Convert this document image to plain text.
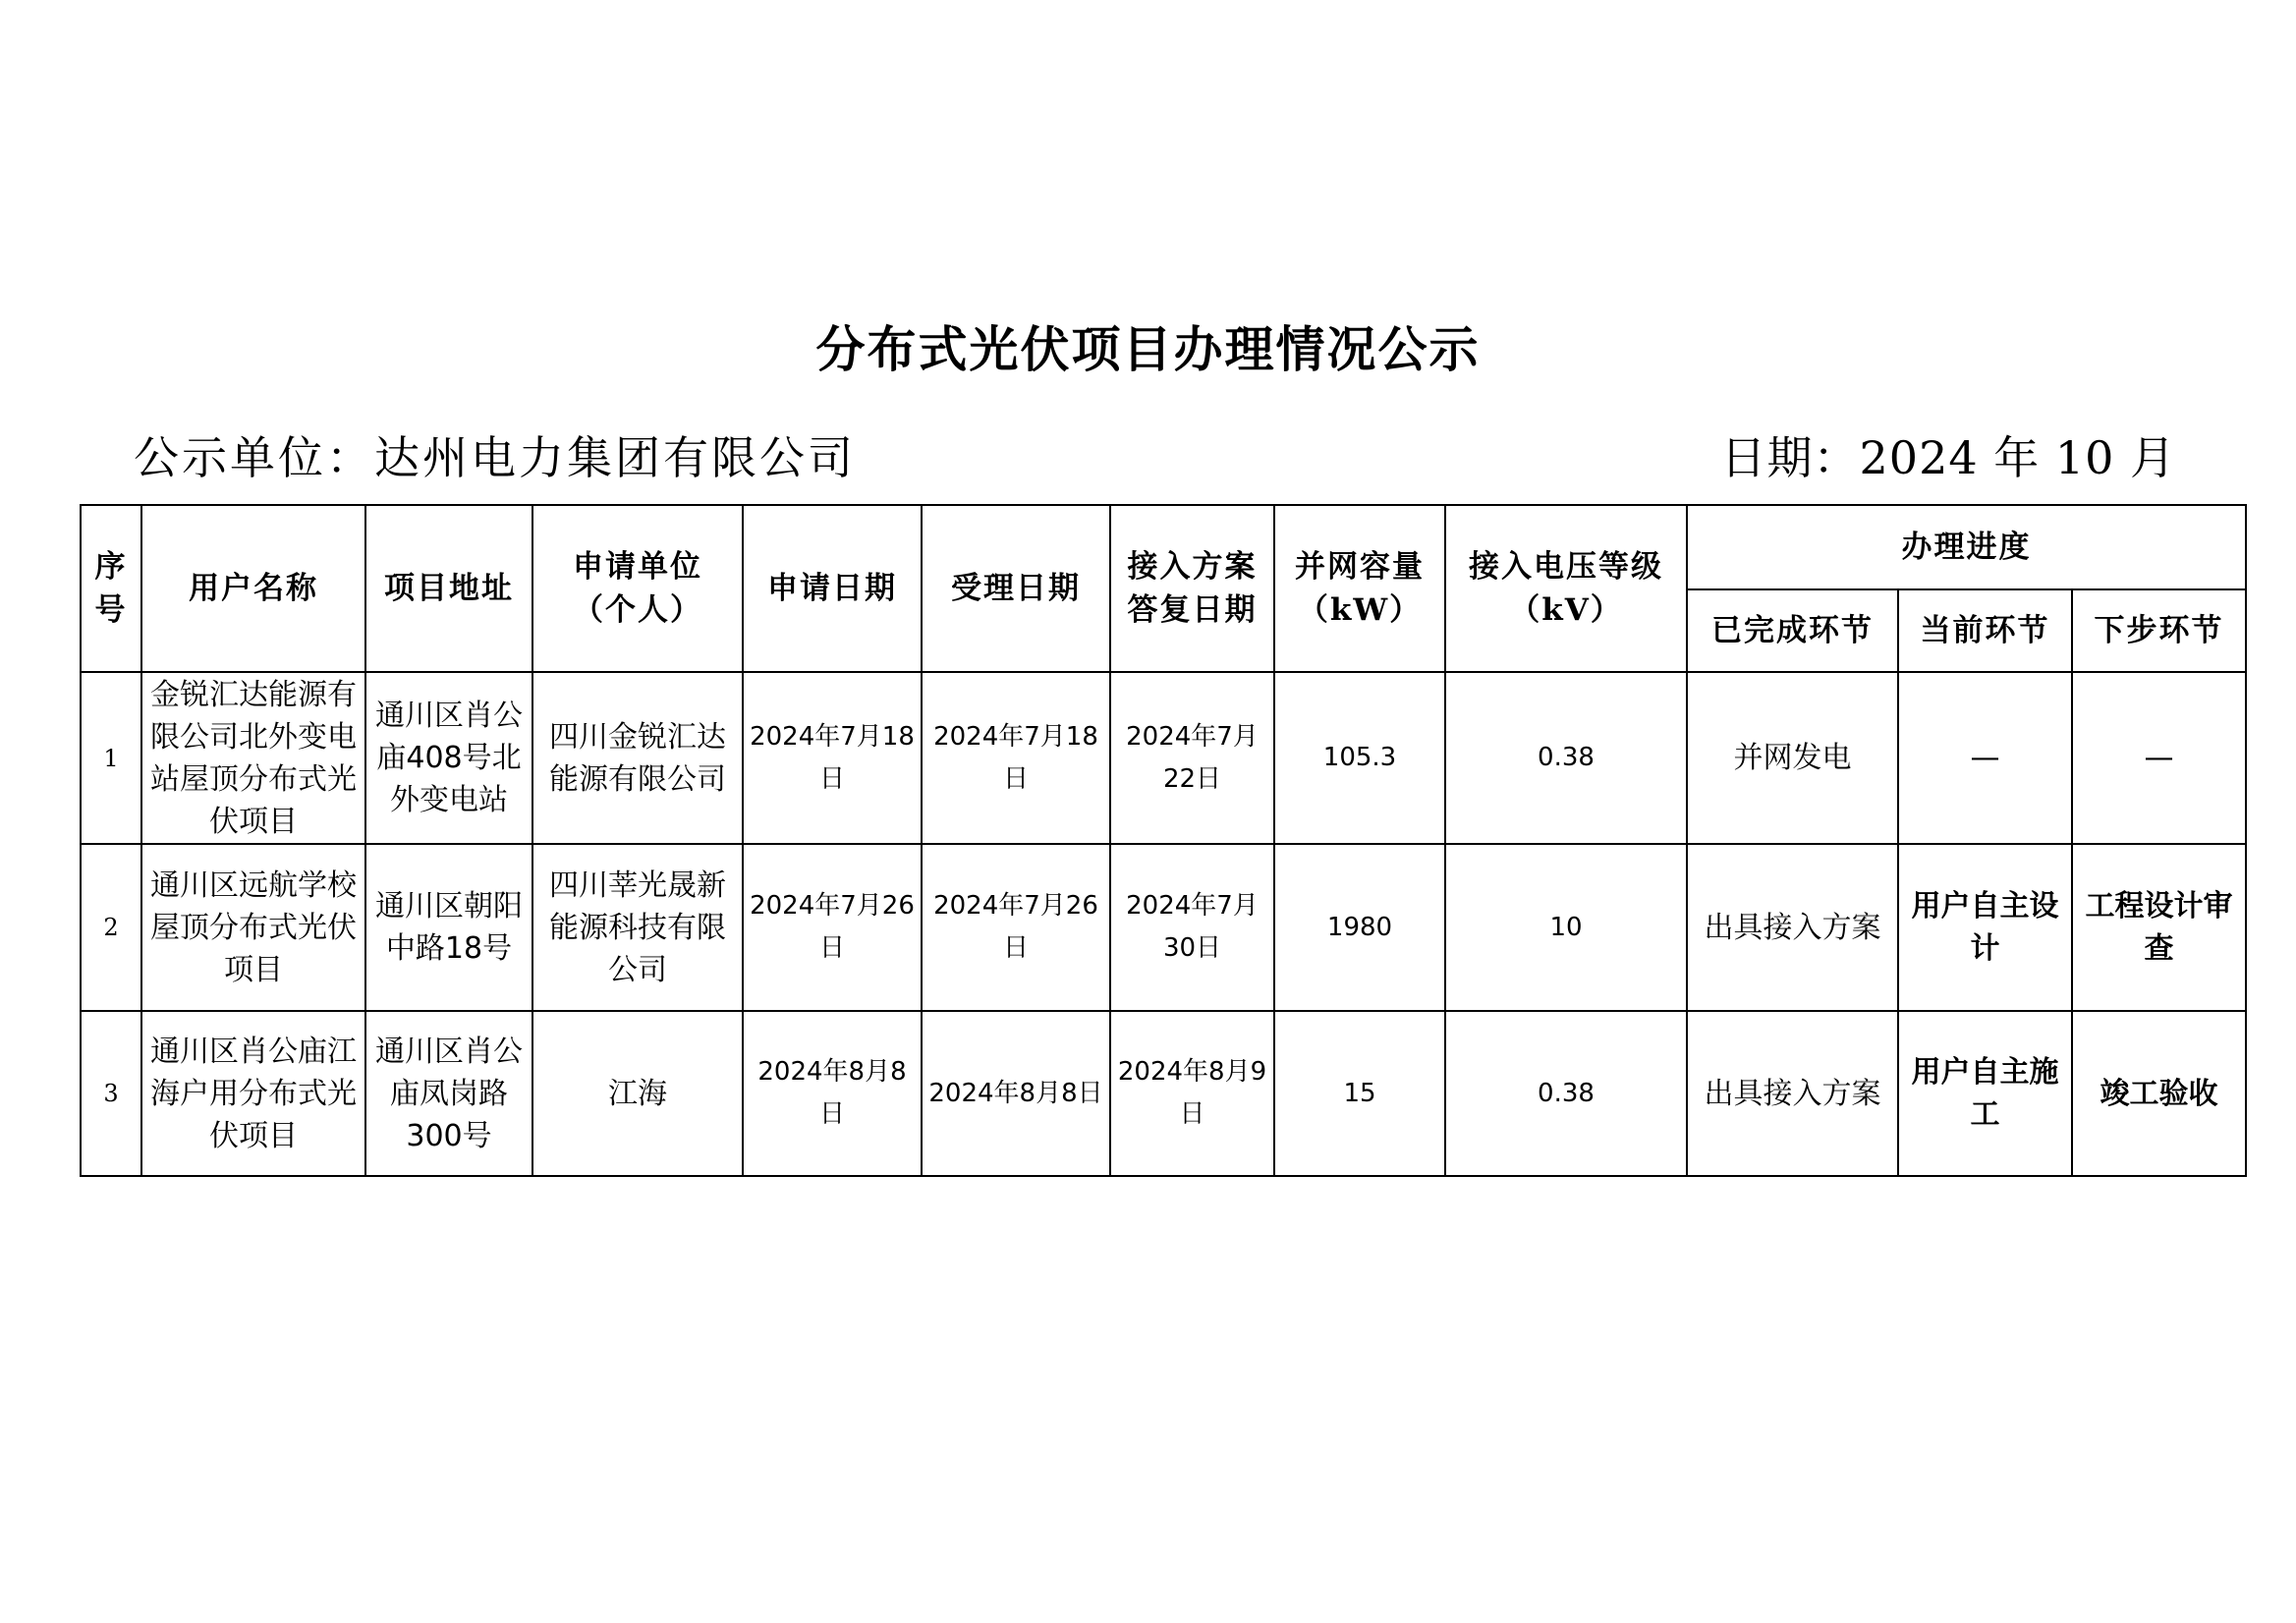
分布式光伏项目办理情况公示
公示单位：达州电力集团有限公司	日期：2024 年 10 月
序号	用户名称	项目地址	申请单位（个人）	申请日期	受理日期	接入方案答复日期	并网容量（kW）	接入电压等级（kV）	办理进度		
									已完成环节	当前环节	下步环节
1	金锐汇达能源有限公司北外变电站屋顶分布式光伏项目	通川区肖公庙408号北外变电站	四川金锐汇达能源有限公司	2024年7月18日	2024年7月18日	2024年7月22日	105.3	0.38	并网发电	—	—
2	通川区远航学校屋顶分布式光伏项目	通川区朝阳中路18号	四川莘光晟新能源科技有限公司	2024年7月26日	2024年7月26日	2024年7月30日	1980	10	出具接入方案	用户自主设计	工程设计审查
3	通川区肖公庙江海户用分布式光伏项目	通川区肖公庙凤岗路300号	江海	2024年8月8日	2024年8月8日	2024年8月9日	15	0.38	出具接入方案	用户自主施工	竣工验收
